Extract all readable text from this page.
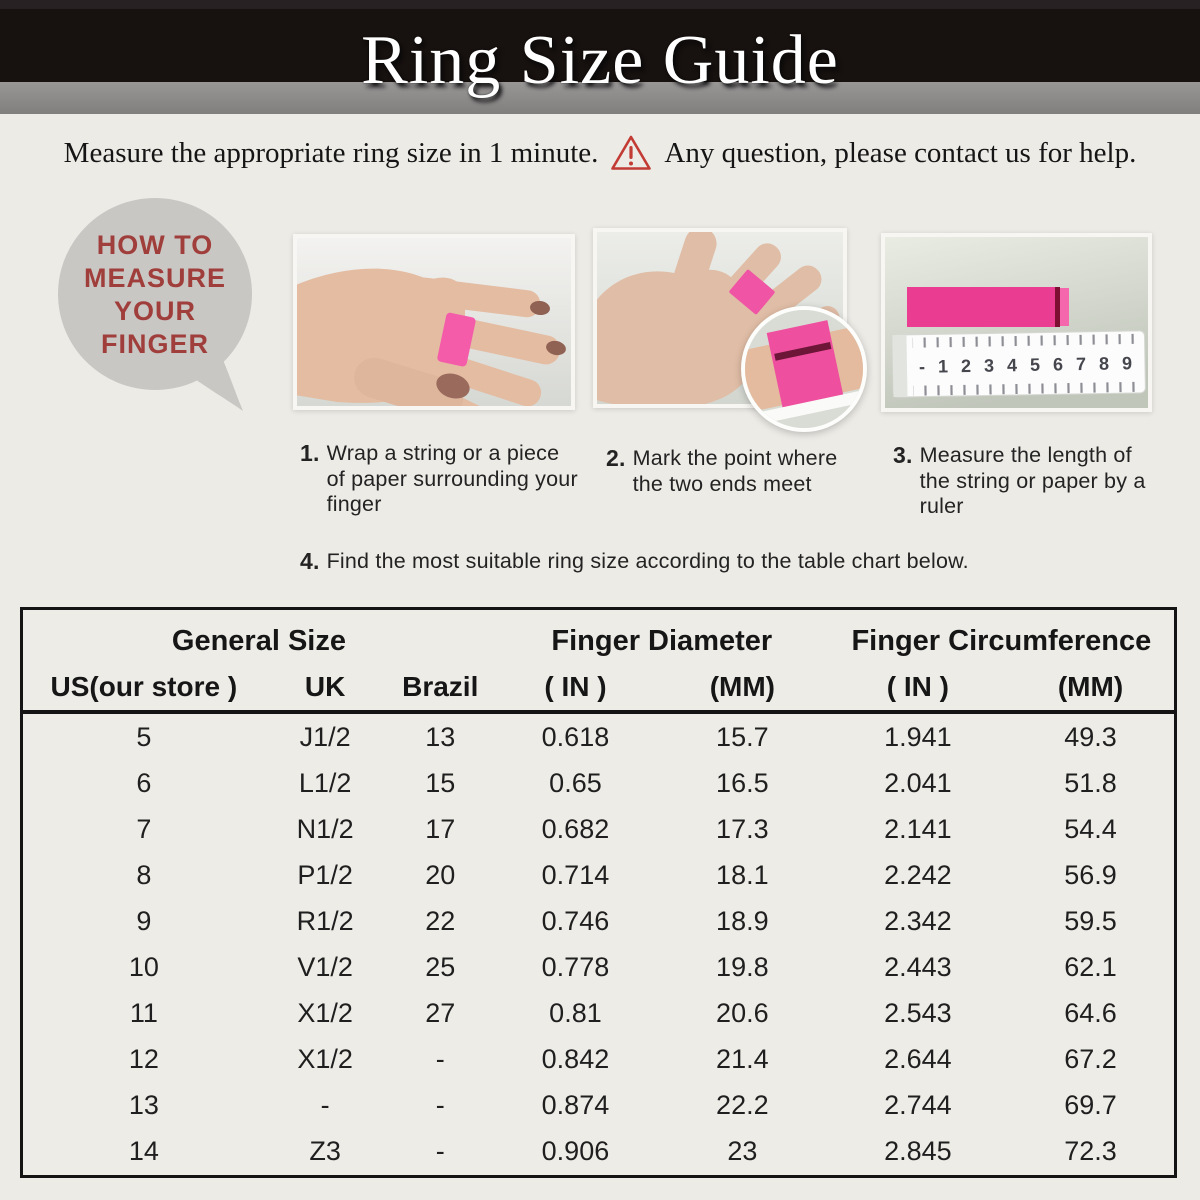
Ring Size Guide
Measure the appropriate ring size in 1 minute. Any question, please contact us for help.
HOW TO
MEASURE
YOUR
FINGER
- 1 2 3 4 5 6 7 8 9
1. Wrap a string or a piece of paper surrounding your finger
2. Mark the point where the two ends meet
3. Measure the length of the string or paper by a ruler
4. Find the most suitable ring size according to the table chart below.
General Size	Finger Diameter	Finger Circumference
US(our store )	UK	Brazil	( IN )	(MM)	( IN )	(MM)
5	J1/2	13	0.618	15.7	1.941	49.3
6	L1/2	15	0.65	16.5	2.041	51.8
7	N1/2	17	0.682	17.3	2.141	54.4
8	P1/2	20	0.714	18.1	2.242	56.9
9	R1/2	22	0.746	18.9	2.342	59.5
10	V1/2	25	0.778	19.8	2.443	62.1
11	X1/2	27	0.81	20.6	2.543	64.6
12	X1/2	-	0.842	21.4	2.644	67.2
13	-	-	0.874	22.2	2.744	69.7
14	Z3	-	0.906	23	2.845	72.3
